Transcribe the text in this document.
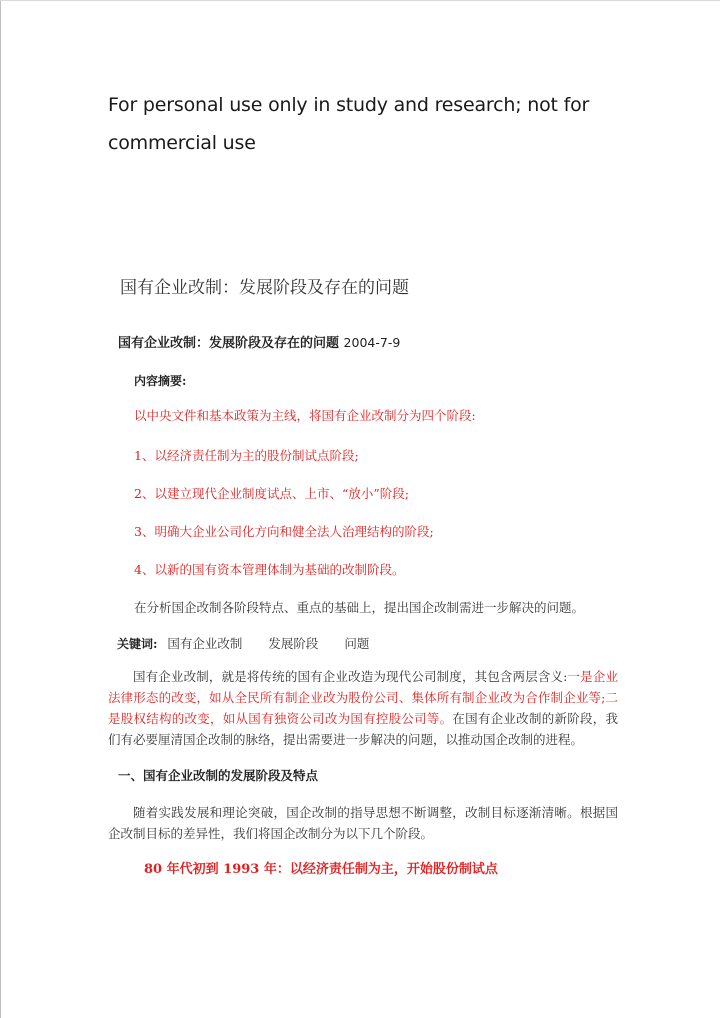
For personal use only in study and research; not for
commercial use
国有企业改制：发展阶段及存在的问题
国有企业改制：发展阶段及存在的问题 2004-7-9
内容摘要:
以中央文件和基本政策为主线，将国有企业改制分为四个阶段:
1、以经济责任制为主的股份制试点阶段;
2、以建立现代企业制度试点、上市、“放小”阶段;
3、明确大企业公司化方向和健全法人治理结构的阶段;
4、以新的国有资本管理体制为基础的改制阶段。
在分析国企改制各阶段特点、重点的基础上，提出国企改制需进一步解决的问题。
关键词: 国有企业改制 发展阶段 问题
国有企业改制，就是将传统的国有企业改造为现代公司制度，其包含两层含义:一是企业法律形态的改变，如从全民所有制企业改为股份公司、集体所有制企业改为合作制企业等;二是股权结构的改变，如从国有独资公司改为国有控股公司等。在国有企业改制的新阶段，我们有必要厘清国企改制的脉络，提出需要进一步解决的问题，以推动国企改制的进程。
一、国有企业改制的发展阶段及特点
随着实践发展和理论突破，国企改制的指导思想不断调整，改制目标逐渐清晰。根据国企改制目标的差异性，我们将国企改制分为以下几个阶段。
80 年代初到 1993 年：以经济责任制为主，开始股份制试点
